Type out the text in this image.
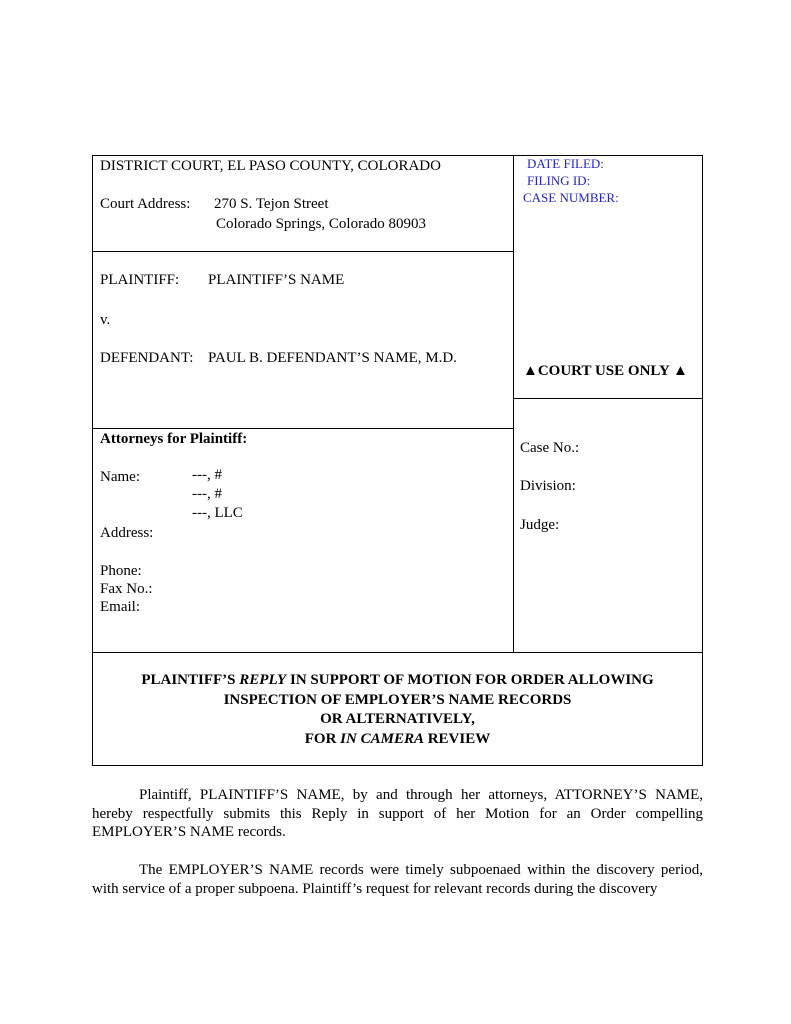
DISTRICT COURT, EL PASO COUNTY, COLORADO
Court Address: 270 S. Tejon Street
Colorado Springs, Colorado 80903
PLAINTIFF: PLAINTIFF’S NAME
v.
DEFENDANT: PAUL B. DEFENDANT’S NAME, M.D.
DATE FILED:
FILING ID:
CASE NUMBER:
▲COURT USE ONLY ▲
Attorneys for Plaintiff:
Name:	---, #
---, #
---, LLC
Address:
Phone:
Fax No.:
Email:
Case No.:
Division:
Judge:
PLAINTIFF’S REPLY IN SUPPORT OF MOTION FOR ORDER ALLOWING
INSPECTION OF EMPLOYER’S NAME RECORDS
OR ALTERNATIVELY,
FOR IN CAMERA REVIEW
Plaintiff, PLAINTIFF’S NAME, by and through her attorneys, ATTORNEY’S NAME, hereby respectfully submits this Reply in support of her Motion for an Order compelling EMPLOYER’S NAME records.
The EMPLOYER’S NAME records were timely subpoenaed within the discovery period, with service of a proper subpoena. Plaintiff’s request for relevant records during the discovery
